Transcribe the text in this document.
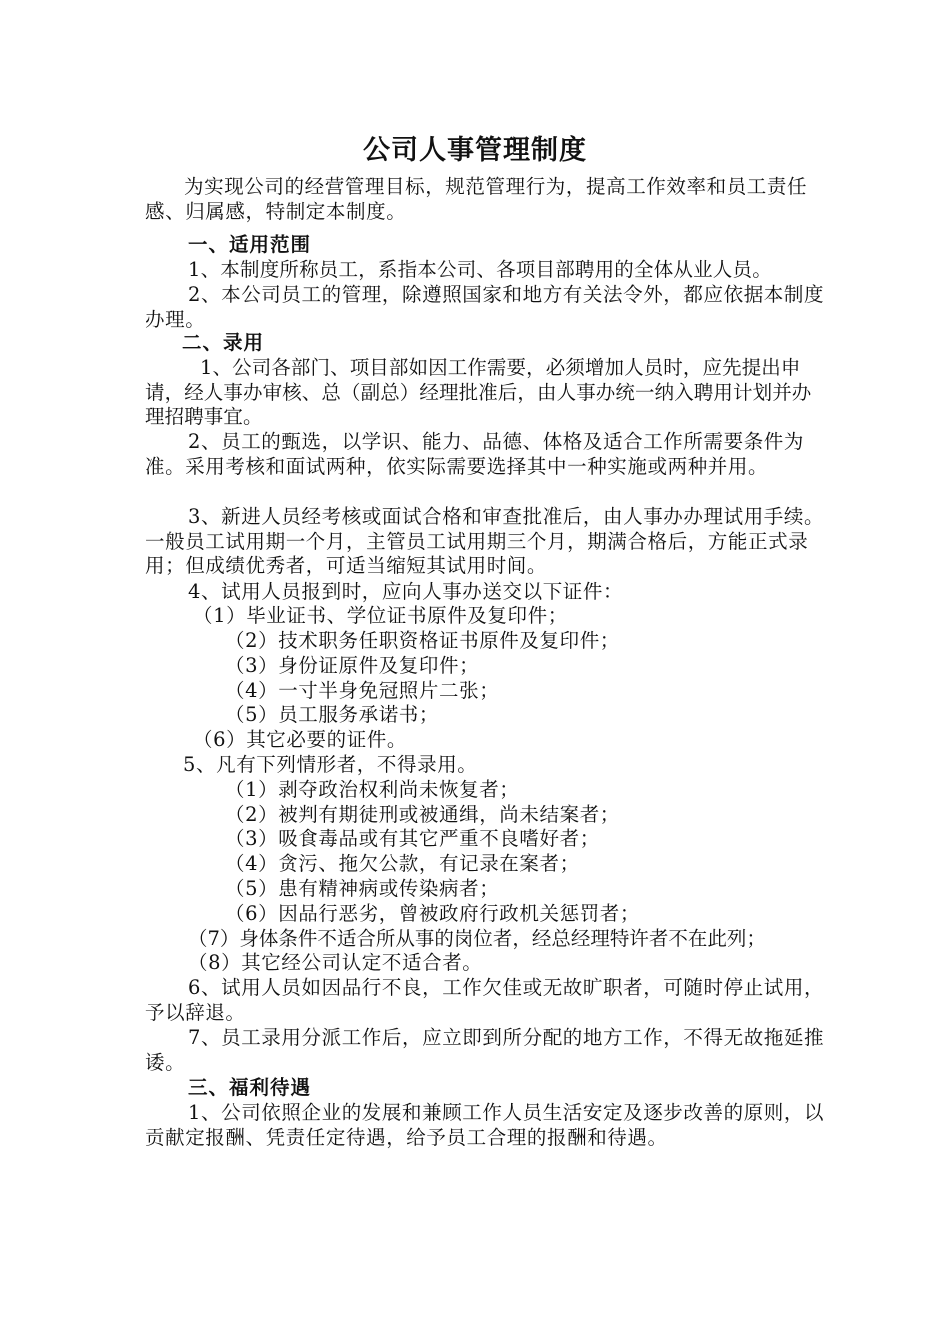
公司人事管理制度
为实现公司的经营管理目标，规范管理行为，提高工作效率和员工责任感、归属感，特制定本制度。
一、适用范围
1、本制度所称员工，系指本公司、各项目部聘用的全体从业人员。
2、本公司员工的管理，除遵照国家和地方有关法令外，都应依据本制度办理。
二、录用
1、公司各部门、项目部如因工作需要，必须增加人员时，应先提出申请，经人事办审核、总（副总）经理批准后，由人事办统一纳入聘用计划并办理招聘事宜。
2、员工的甄选，以学识、能力、品德、体格及适合工作所需要条件为准。采用考核和面试两种，依实际需要选择其中一种实施或两种并用。
3、新进人员经考核或面试合格和审查批准后，由人事办办理试用手续。一般员工试用期一个月，主管员工试用期三个月，期满合格后，方能正式录用；但成绩优秀者，可适当缩短其试用时间。
4、试用人员报到时，应向人事办送交以下证件：
（1）毕业证书、学位证书原件及复印件；
（2）技术职务任职资格证书原件及复印件；
（3）身份证原件及复印件；
（4）一寸半身免冠照片二张；
（5）员工服务承诺书；
（6）其它必要的证件。
5、凡有下列情形者，不得录用。
（1）剥夺政治权利尚未恢复者；
（2）被判有期徒刑或被通缉，尚未结案者；
（3）吸食毒品或有其它严重不良嗜好者；
（4）贪污、拖欠公款，有记录在案者；
（5）患有精神病或传染病者；
（6）因品行恶劣，曾被政府行政机关惩罚者；
（7）身体条件不适合所从事的岗位者，经总经理特许者不在此列；
（8）其它经公司认定不适合者。
6、试用人员如因品行不良，工作欠佳或无故旷职者，可随时停止试用，予以辞退。
7、员工录用分派工作后，应立即到所分配的地方工作，不得无故拖延推诿。
三、福利待遇
1、公司依照企业的发展和兼顾工作人员生活安定及逐步改善的原则，以贡献定报酬、凭责任定待遇，给予员工合理的报酬和待遇。
